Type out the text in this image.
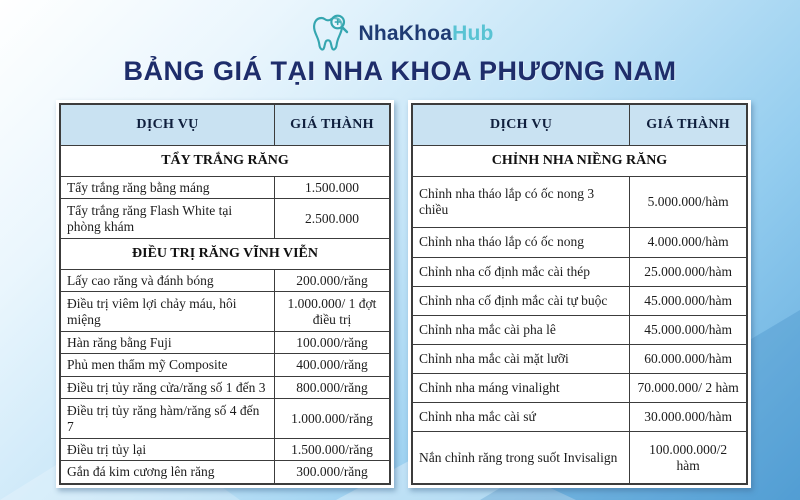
NhaKhoaHub
BẢNG GIÁ TẠI NHA KHOA PHƯƠNG NAM
DỊCH VỤ	GIÁ THÀNH
TẨY TRẮNG RĂNG	
Tẩy trắng răng bằng máng	1.500.000
Tẩy trắng răng Flash White tại phòng khám	2.500.000
ĐIỀU TRỊ RĂNG VĨNH VIỄN	
Lấy cao răng và đánh bóng	200.000/răng
Điều trị viêm lợi chảy máu, hôi miệng	1.000.000/ 1 đợt điều trị
Hàn răng bằng Fuji	100.000/răng
Phủ men thẩm mỹ Composite	400.000/răng
Điều trị tủy răng cửa/răng số 1 đến 3	800.000/răng
Điều trị tủy răng hàm/răng số 4 đến 7	1.000.000/răng
Điều trị tủy lại	1.500.000/răng
Gắn đá kim cương lên răng	300.000/răng
DỊCH VỤ	GIÁ THÀNH
CHỈNH NHA NIỀNG RĂNG	
Chỉnh nha tháo lắp có ốc nong 3 chiều	5.000.000/hàm
Chỉnh nha tháo lắp có ốc nong	4.000.000/hàm
Chỉnh nha cố định mắc cài thép	25.000.000/hàm
Chỉnh nha cố định mắc cài tự buộc	45.000.000/hàm
Chỉnh nha mắc cài pha lê	45.000.000/hàm
Chỉnh nha mắc cài mặt lưỡi	60.000.000/hàm
Chỉnh nha máng vinalight	70.000.000/ 2 hàm
Chỉnh nha mắc cài sứ	30.000.000/hàm
Nắn chỉnh răng trong suốt Invisalign	100.000.000/2 hàm
